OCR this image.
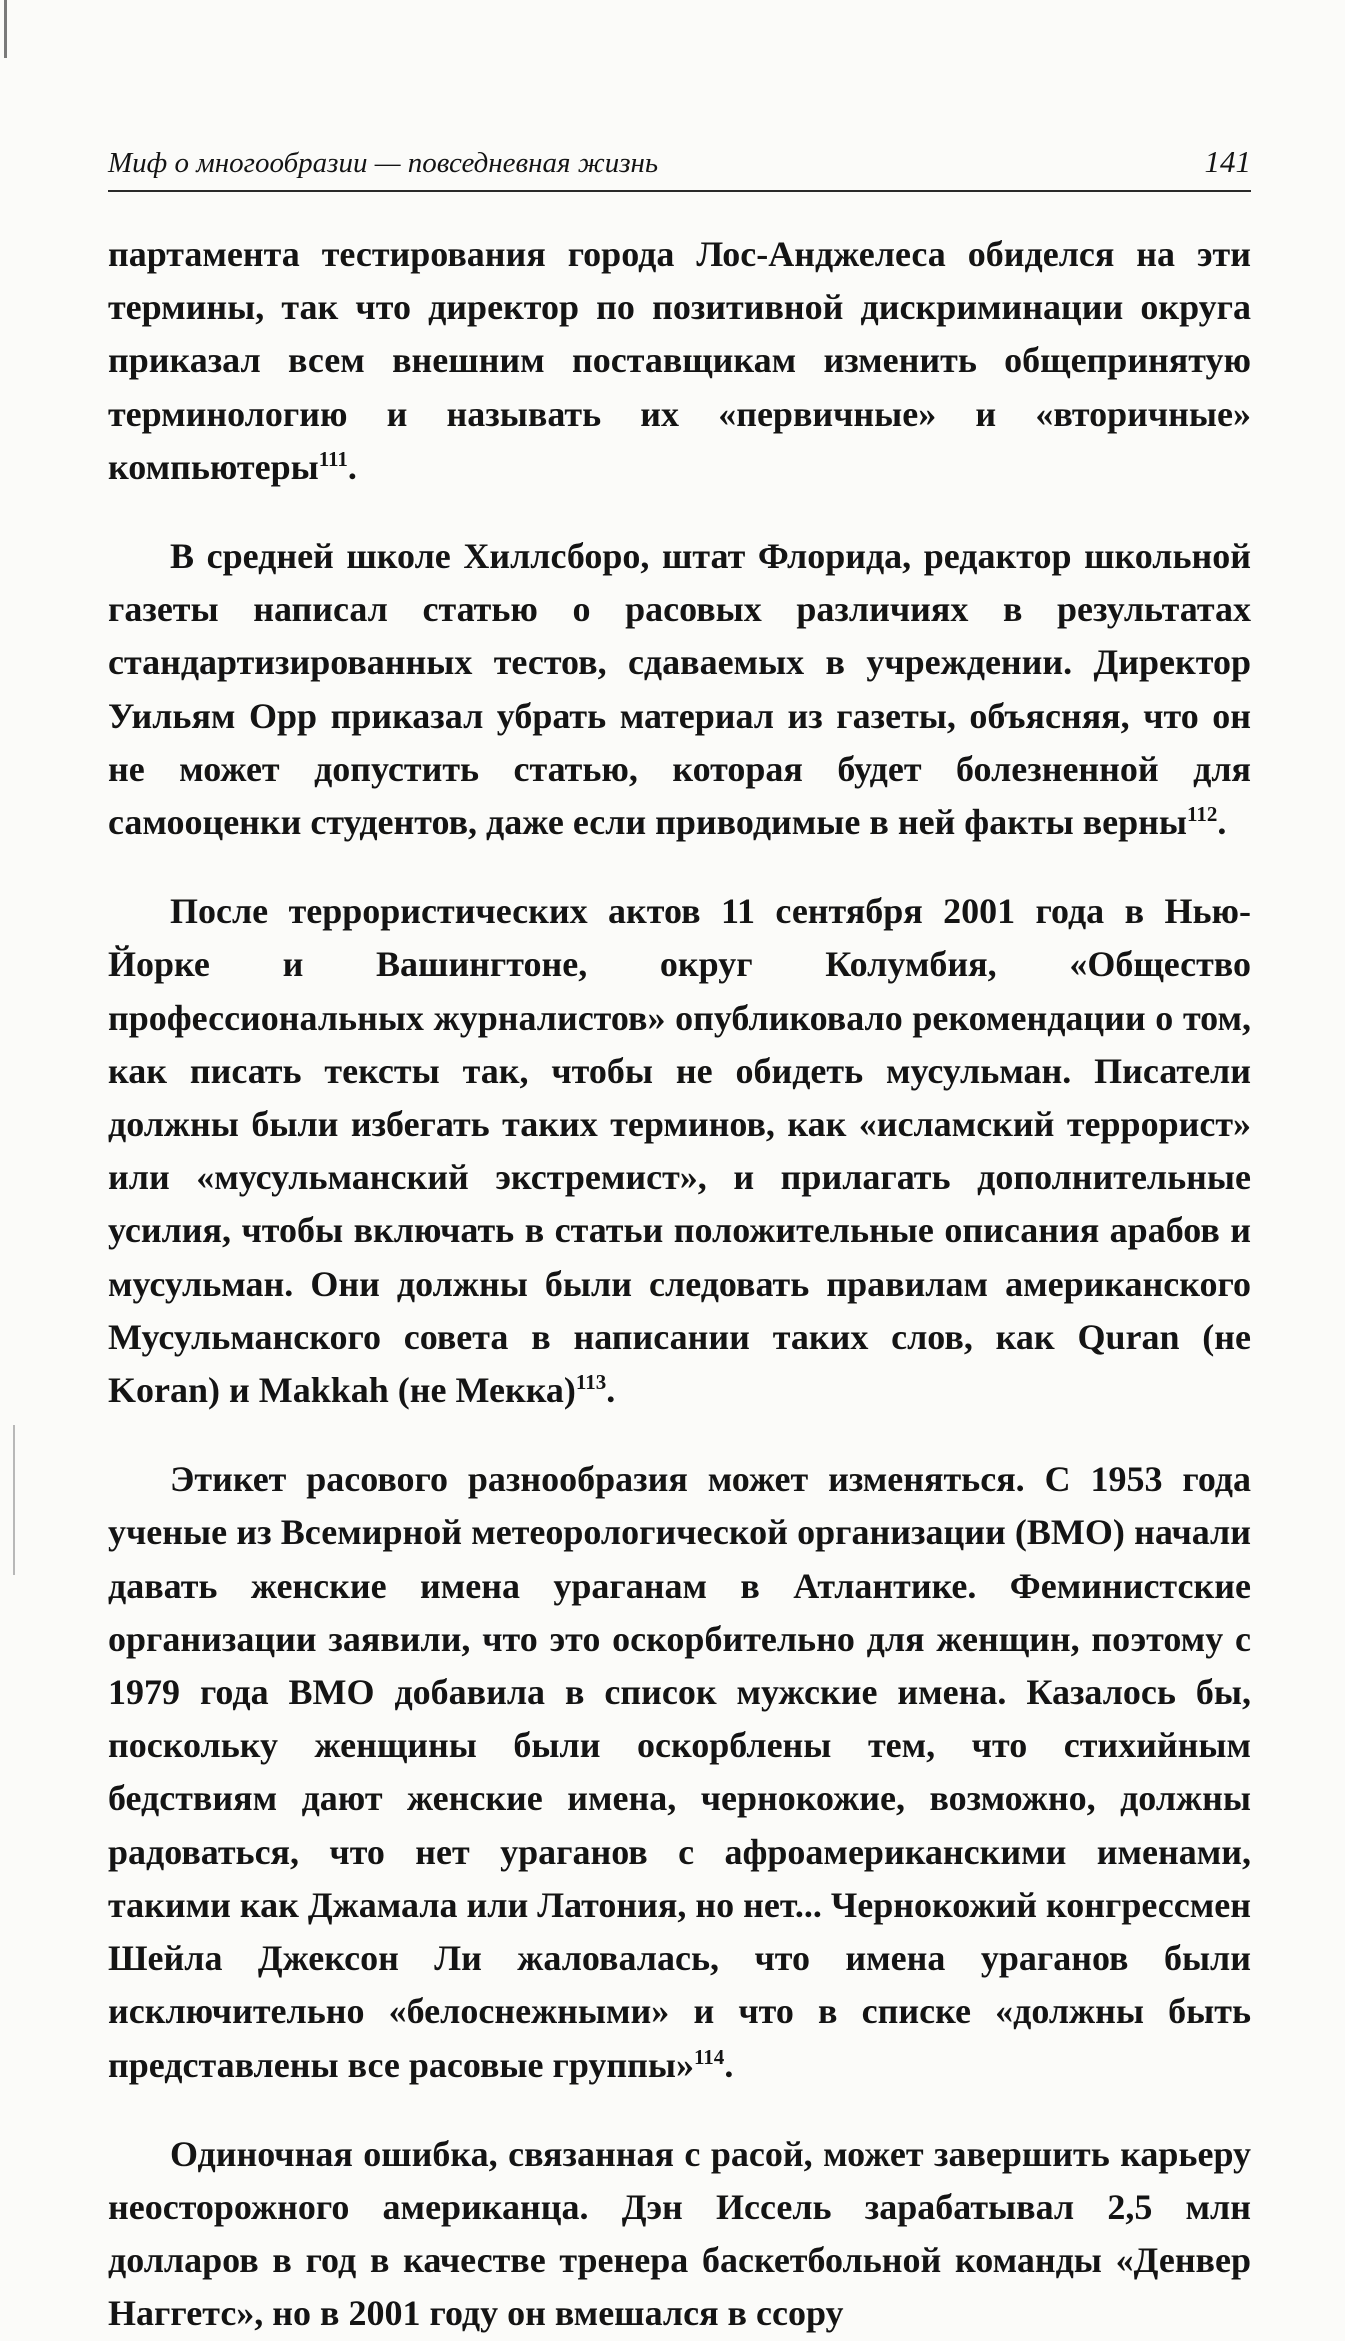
Миф о многообразии — повседневная жизнь	141

партамента тестирования города Лос-Анджелеса обиделся на эти термины, так что директор по позитивной дискриминации округа приказал всем внешним поставщикам изменить общепринятую терминологию и называть их «первичные» и «вторичные» компьютеры$^{111}$.

В средней школе Хиллсборо, штат Флорида, редактор школьной газеты написал статью о расовых различиях в результатах стандартизированных тестов, сдаваемых в учреждении. Директор Уильям Орр приказал убрать материал из газеты, объясняя, что он не может допустить статью, которая будет болезненной для самооценки студентов, даже если приводимые в ней факты верны$^{112}$.

После террористических актов 11 сентября 2001 года в Нью-Йорке и Вашингтоне, округ Колумбия, «Общество профессиональных журналистов» опубликовало рекомендации о том, как писать тексты так, чтобы не обидеть мусульман. Писатели должны были избегать таких терминов, как «исламский террорист» или «мусульманский экстремист», и прилагать дополнительные усилия, чтобы включать в статьи положительные описания арабов и мусульман. Они должны были следовать правилам американского Мусульманского совета в написании таких слов, как Quran (не Koran) и Makkah (не Мекка)$^{113}$.

Этикет расового разнообразия может изменяться. С 1953 года ученые из Всемирной метеорологической организации (ВМО) начали давать женские имена ураганам в Атлантике. Феминистские организации заявили, что это оскорбительно для женщин, поэтому с 1979 года ВМО добавила в список мужские имена. Казалось бы, поскольку женщины были оскорблены тем, что стихийным бедствиям дают женские имена, чернокожие, возможно, должны радоваться, что нет ураганов с афроамериканскими именами, такими как Джамала или Латония, но нет... Чернокожий конгрессмен Шейла Джексон Ли жаловалась, что имена ураганов были исключительно «белоснежными» и что в списке «должны быть представлены все расовые группы»$^{114}$.

Одиночная ошибка, связанная с расой, может завершить карьеру неосторожного американца. Дэн Иссель зарабатывал 2,5 млн долларов в год в качестве тренера баскетбольной команды «Денвер Наггетс», но в 2001 году он вмешался в ссору
